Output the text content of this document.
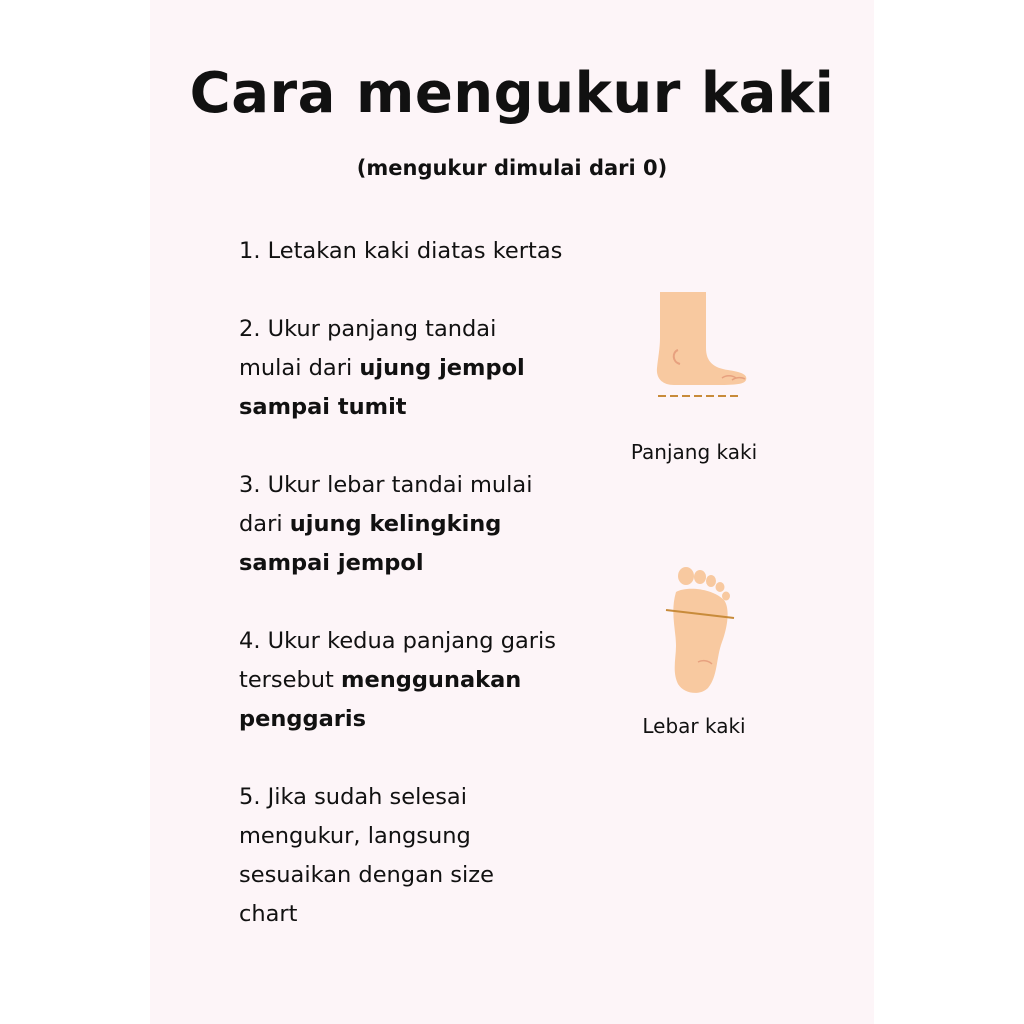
Cara mengukur kaki

(mengukur dimulai dari 0)

1. Letakan kaki diatas kertas

2. Ukur panjang tandai mulai dari ujung jempol sampai tumit

3. Ukur lebar tandai mulai dari ujung kelingking sampai jempol

4. Ukur kedua panjang garis tersebut menggunakan penggaris

5. Jika sudah selesai mengukur, langsung sesuaikan dengan size chart

Panjang kaki
Lebar kaki
